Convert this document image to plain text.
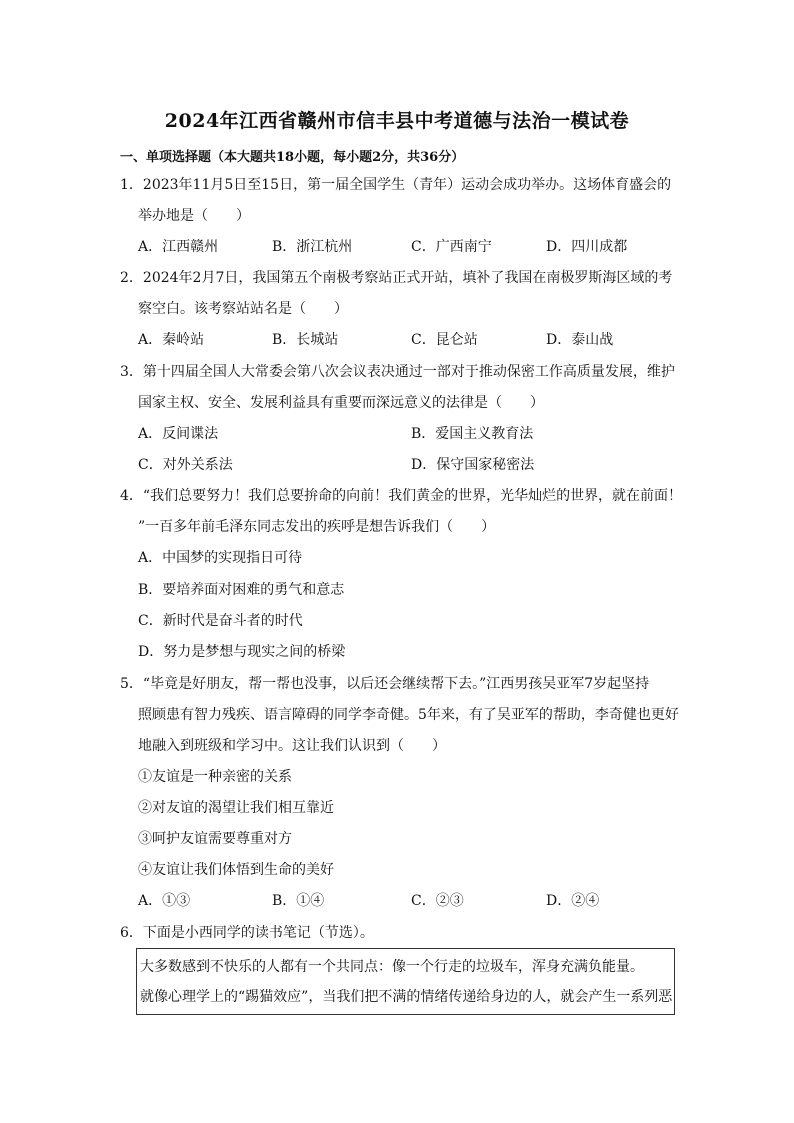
2024年江西省赣州市信丰县中考道德与法治一模试卷
一、单项选择题（本大题共18小题，每小题2分，共36分）
1．2023年11月5日至15日，第一届全国学生（青年）运动会成功举办。这场体育盛会的
举办地是（　　）
A．江西赣州	B．浙江杭州	C．广西南宁	D．四川成都
2．2024年2月7日，我国第五个南极考察站正式开站，填补了我国在南极罗斯海区域的考
察空白。该考察站站名是（　　）
A．秦岭站	B．长城站	C．昆仑站	D．泰山战
3．第十四届全国人大常委会第八次会议表决通过一部对于推动保密工作高质量发展，维护
国家主权、安全、发展利益具有重要而深远意义的法律是（　　）
A．反间谍法	B．爱国主义教育法
C．对外关系法	D．保守国家秘密法
4．“我们总要努力！我们总要拚命的向前！我们黄金的世界，光华灿烂的世界，就在前面！
”一百多年前毛泽东同志发出的疾呼是想告诉我们（　　）
A．中国梦的实现指日可待
B．要培养面对困难的勇气和意志
C．新时代是奋斗者的时代
D．努力是梦想与现实之间的桥梁
5．“毕竟是好朋友，帮一帮也没事，以后还会继续帮下去。”江西男孩吴亚军7岁起坚持
照顾患有智力残疾、语言障碍的同学李奇健。5年来，有了吴亚军的帮助，李奇健也更好
地融入到班级和学习中。这让我们认识到（　　）
①友谊是一种亲密的关系
②对友谊的渴望让我们相互靠近
③呵护友谊需要尊重对方
④友谊让我们体悟到生命的美好
A．①③	B．①④	C．②③	D．②④
6．下面是小西同学的读书笔记（节选）。
大多数感到不快乐的人都有一个共同点：像一个行走的垃圾车，浑身充满负能量。
就像心理学上的“踢猫效应”，当我们把不满的情绪传递给身边的人，就会产生一系列恶
